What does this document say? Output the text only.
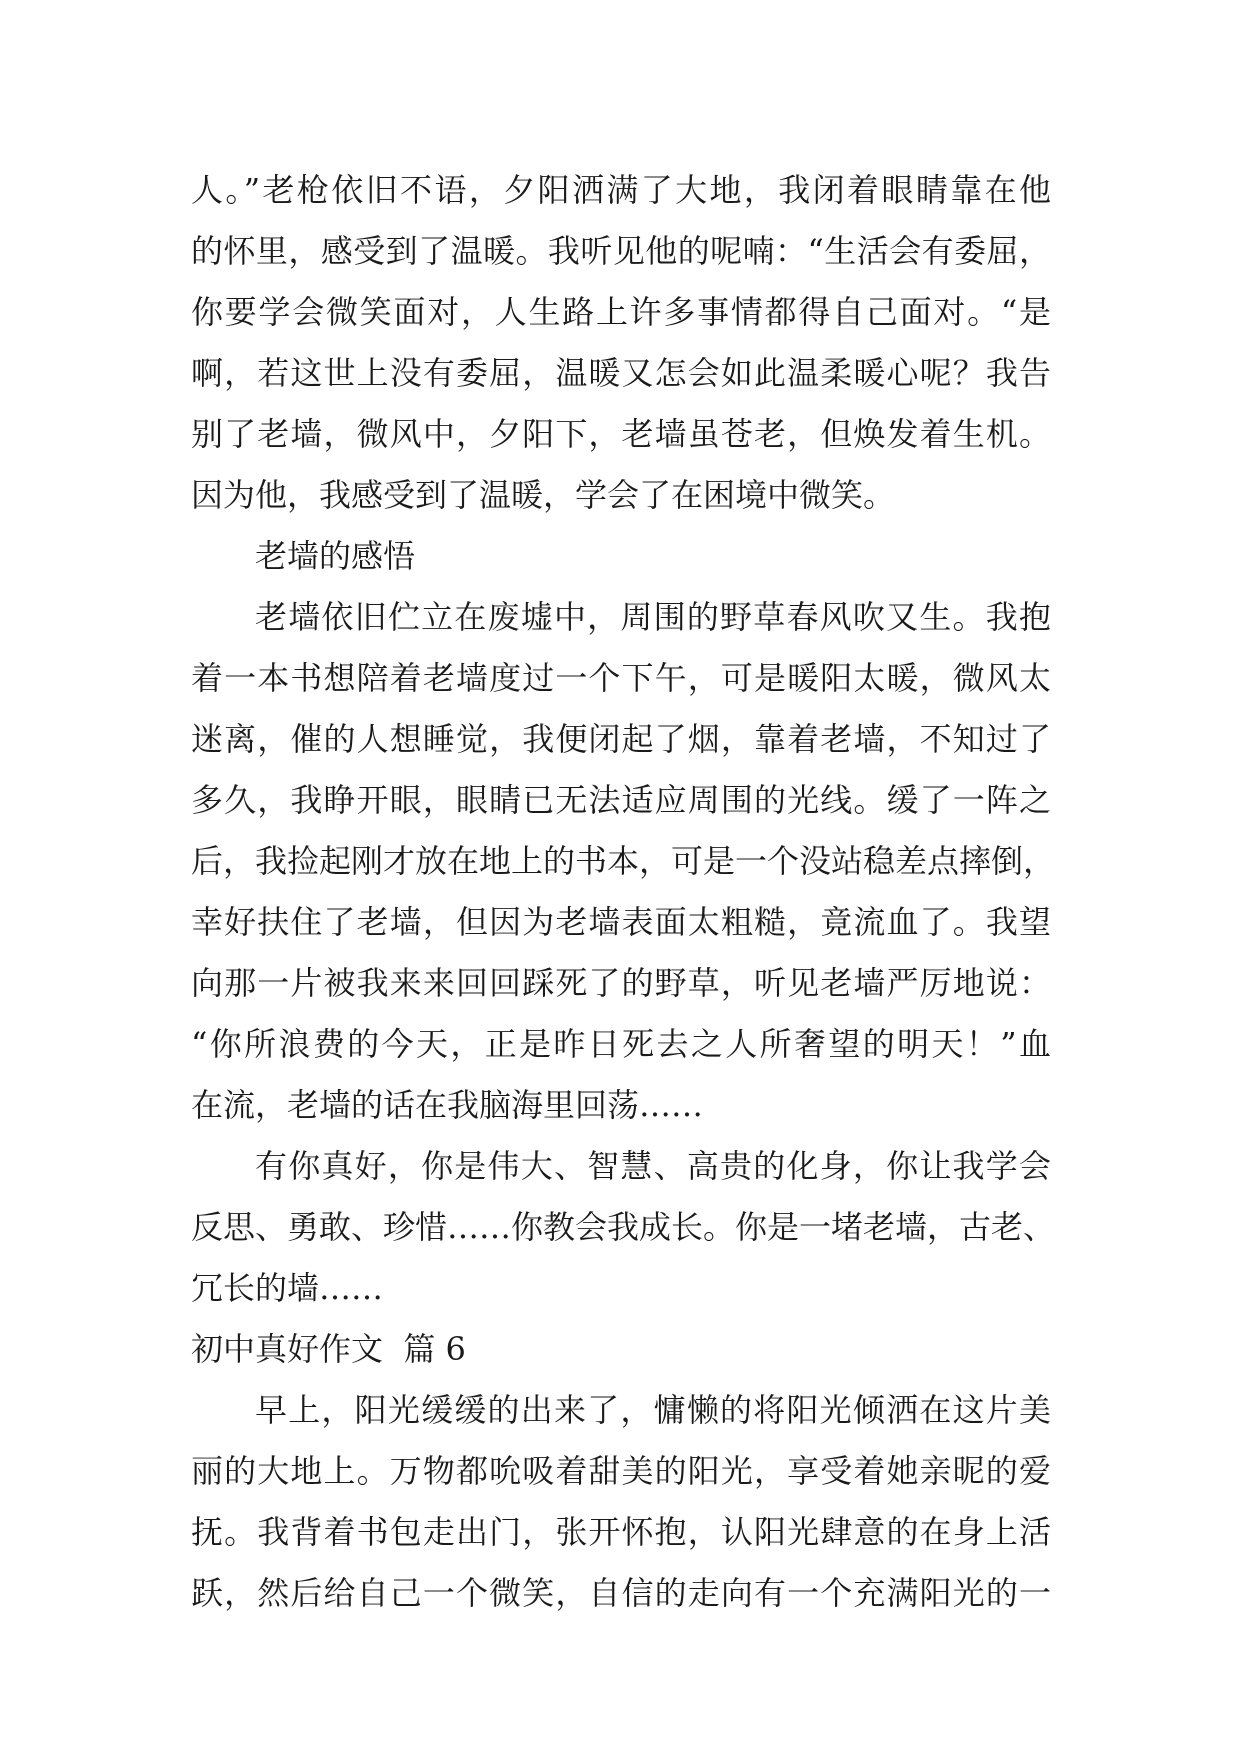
人。”老枪依旧不语，夕阳洒满了大地，我闭着眼睛靠在他
的怀里，感受到了温暖。我听见他的呢喃：“生活会有委屈，
你要学会微笑面对，人生路上许多事情都得自己面对。“是
啊，若这世上没有委屈，温暖又怎会如此温柔暖心呢？我告
别了老墙，微风中，夕阳下，老墙虽苍老，但焕发着生机。
因为他，我感受到了温暖，学会了在困境中微笑。
老墙的感悟
老墙依旧伫立在废墟中，周围的野草春风吹又生。我抱
着一本书想陪着老墙度过一个下午，可是暖阳太暖，微风太
迷离，催的人想睡觉，我便闭起了烟，靠着老墙，不知过了
多久，我睁开眼，眼睛已无法适应周围的光线。缓了一阵之
后，我捡起刚才放在地上的书本，可是一个没站稳差点摔倒，
幸好扶住了老墙，但因为老墙表面太粗糙，竟流血了。我望
向那一片被我来来回回踩死了的野草，听见老墙严厉地说：
“你所浪费的今天，正是昨日死去之人所奢望的明天！”血
在流，老墙的话在我脑海里回荡……
有你真好，你是伟大、智慧、高贵的化身，你让我学会
反思、勇敢、珍惜……你教会我成长。你是一堵老墙，古老、
冗长的墙……
初中真好作文  篇 6
早上，阳光缓缓的出来了，慵懒的将阳光倾洒在这片美
丽的大地上。万物都吮吸着甜美的阳光，享受着她亲昵的爱
抚。我背着书包走出门，张开怀抱，认阳光肆意的在身上活
跃，然后给自己一个微笑，自信的走向有一个充满阳光的一
